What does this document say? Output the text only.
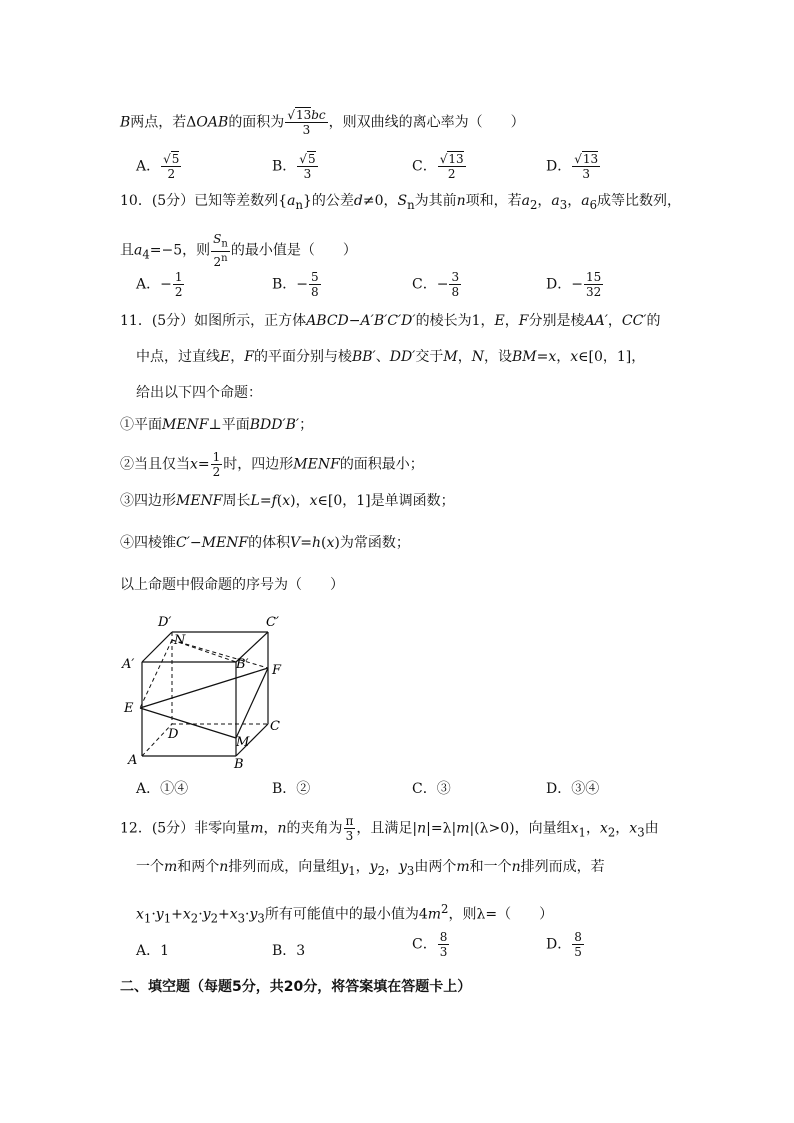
B两点，若ΔOAB的面积为 $\frac{√13bc}{3}$ ，则双曲线的离心率为（　　）
A． $\frac{√5}{2}$	B． $\frac{√5}{3}$	C． $\frac{√13}{2}$	D． $\frac{√13}{3}$
10．(5分）已知等差数列$\{a_n\}$的公差d≠0，$S_n$为其前n项和，若$a_2$，$a_3$，$a_6$成等比数列，
且$a_4=-5$，则 $\frac{S_n}{2^n}$ 的最小值是（　　）
A．− $\frac{1}{2}$	B．− $\frac{5}{8}$	C．− $\frac{3}{8}$	D．− $\frac{15}{32}$
11．(5分）如图所示，正方体ABCD−A′B′C′D′的棱长为1，E，F分别是棱AA′，CC′的
中点，过直线E，F的平面分别与棱BB′、DD′交于M，N，设BM=x，x∈[0，1]，
给出以下四个命题：
①平面MENF⊥平面BDD′B′；
②当且仅当$x= \frac{1}{2}$ 时，四边形MENF的面积最小；
③四边形MENF周长L=f(x)，x∈[0，1]是单调函数；
④四棱锥C′−MENF的体积V=h(x)为常函数；
以上命题中假命题的序号为（　　）
D′	C′
N
A′	B′ F
E
D
C
M
A	B
A．①④	B．②	C．③	D．③④
12．(5分）非零向量m，n的夹角为 $\frac{\pi}{3}$ ，且满足|n|=λ|m|(λ>0)，向量组$x_1$，$x_2$，$x_3$由
一个m和两个n排列而成，向量组$y_1$，$y_2$，$y_3$由两个m和一个n排列而成，若
$x_1\cdot y_1+x_2\cdot y_2+x_3\cdot y_3$所有可能值中的最小值为$4m^2$，则λ=（　　）
A．1	B．3	C． $\frac{8}{3}$	D． $\frac{8}{5}$
二、填空题（每题5分，共20分，将答案填在答题卡上）
